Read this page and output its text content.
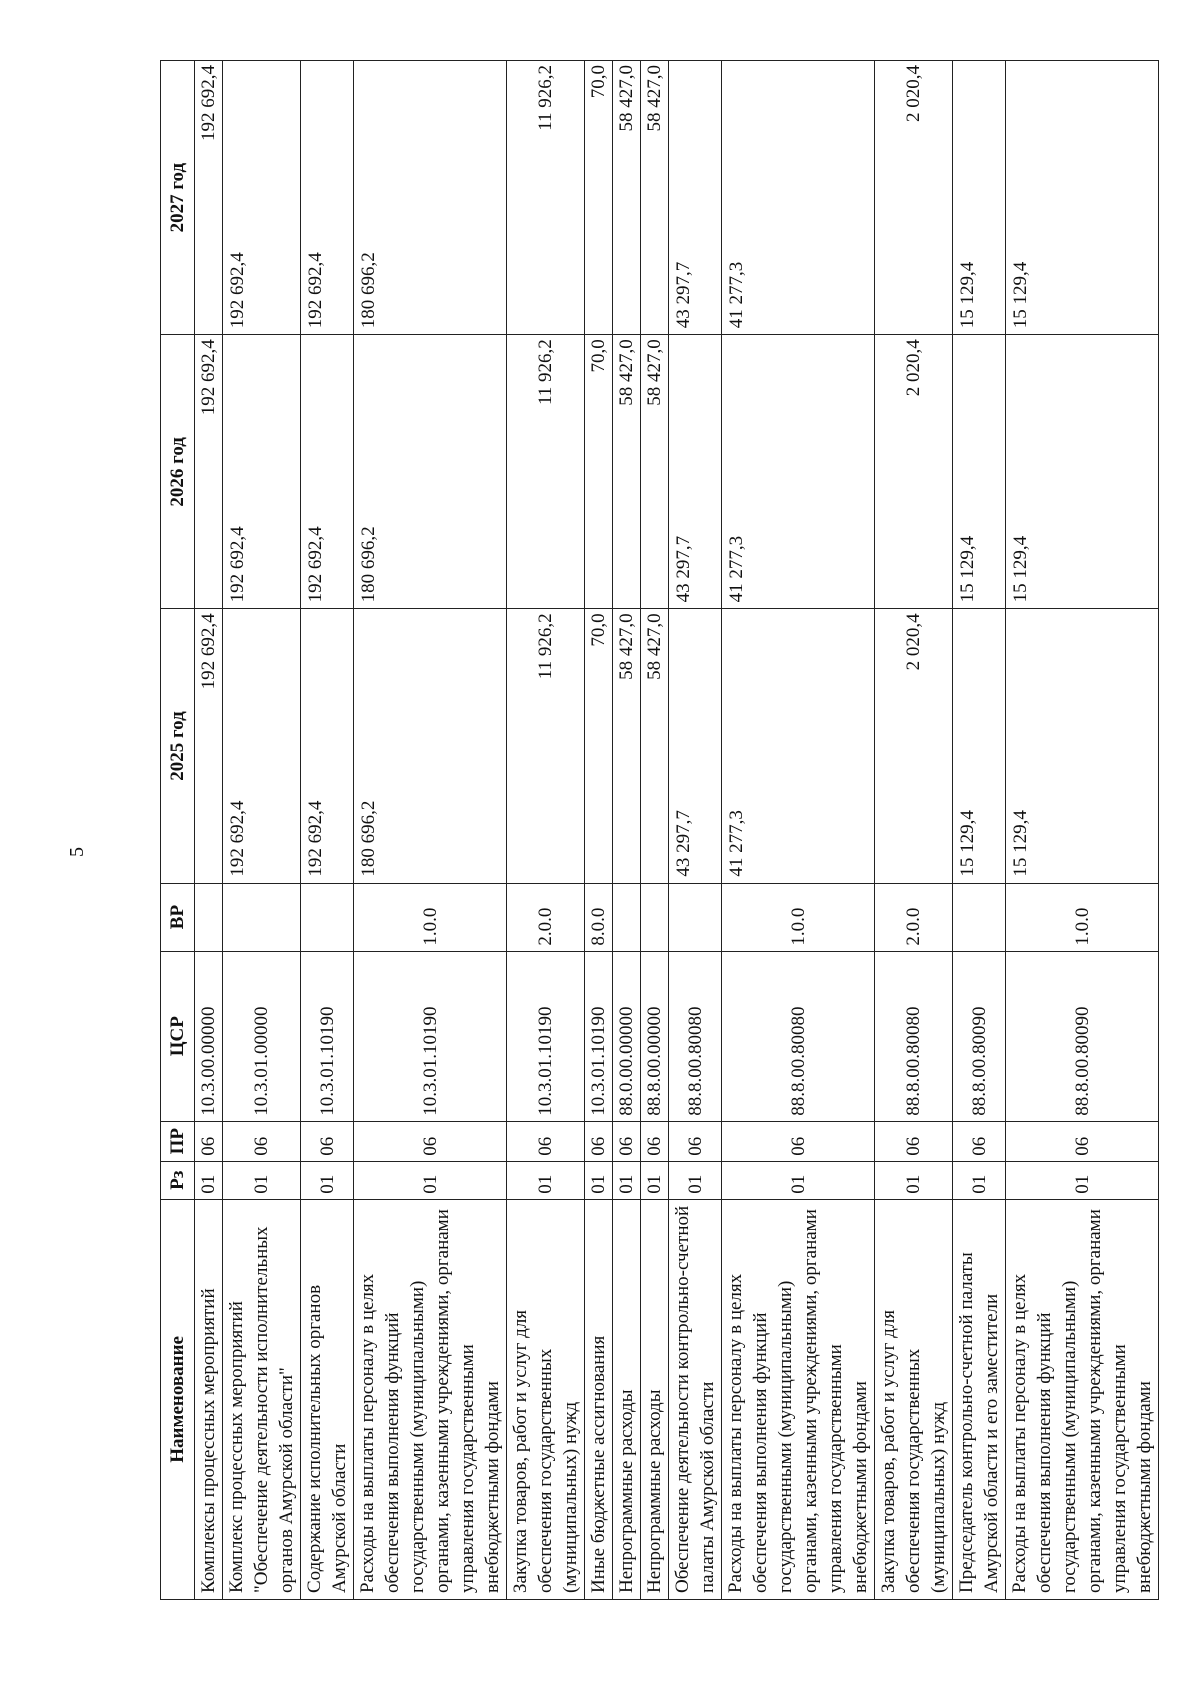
5
Наименование	Рз	ПР	ЦСР	ВР	2025 год	2026 год	2027 год
Комплексы процессных мероприятий	01	06	10.3.00.00000		192 692,4	192 692,4	192 692,4
Комплекс процессных мероприятий "Обеспечение деятельности исполнительных органов Амурской области"	01	06	10.3.01.00000		192 692,4	192 692,4	192 692,4
Содержание исполнительных органов Амурской области	01	06	10.3.01.10190		192 692,4	192 692,4	192 692,4
Расходы на выплаты персоналу в целях обеспечения выполнения функций государственными (муниципальными) органами, казенными учреждениями, органами управления государственными внебюджетными фондами	01	06	10.3.01.10190	1.0.0	180 696,2	180 696,2	180 696,2
Закупка товаров, работ и услуг для обеспечения государственных (муниципальных) нужд	01	06	10.3.01.10190	2.0.0	11 926,2	11 926,2	11 926,2
Иные бюджетные ассигнования	01	06	10.3.01.10190	8.0.0	70,0	70,0	70,0
Непрограммные расходы	01	06	88.0.00.00000		58 427,0	58 427,0	58 427,0
Непрограммные расходы	01	06	88.8.00.00000		58 427,0	58 427,0	58 427,0
Обеспечение деятельности контрольно-счетной палаты Амурской области	01	06	88.8.00.80080		43 297,7	43 297,7	43 297,7
Расходы на выплаты персоналу в целях обеспечения выполнения функций государственными (муниципальными) органами, казенными учреждениями, органами управления государственными внебюджетными фондами	01	06	88.8.00.80080	1.0.0	41 277,3	41 277,3	41 277,3
Закупка товаров, работ и услуг для обеспечения государственных (муниципальных) нужд	01	06	88.8.00.80080	2.0.0	2 020,4	2 020,4	2 020,4
Председатель контрольно-счетной палаты Амурской области и его заместители	01	06	88.8.00.80090		15 129,4	15 129,4	15 129,4
Расходы на выплаты персоналу в целях обеспечения выполнения функций государственными (муниципальными) органами, казенными учреждениями, органами управления государственными внебюджетными фондами	01	06	88.8.00.80090	1.0.0	15 129,4	15 129,4	15 129,4
